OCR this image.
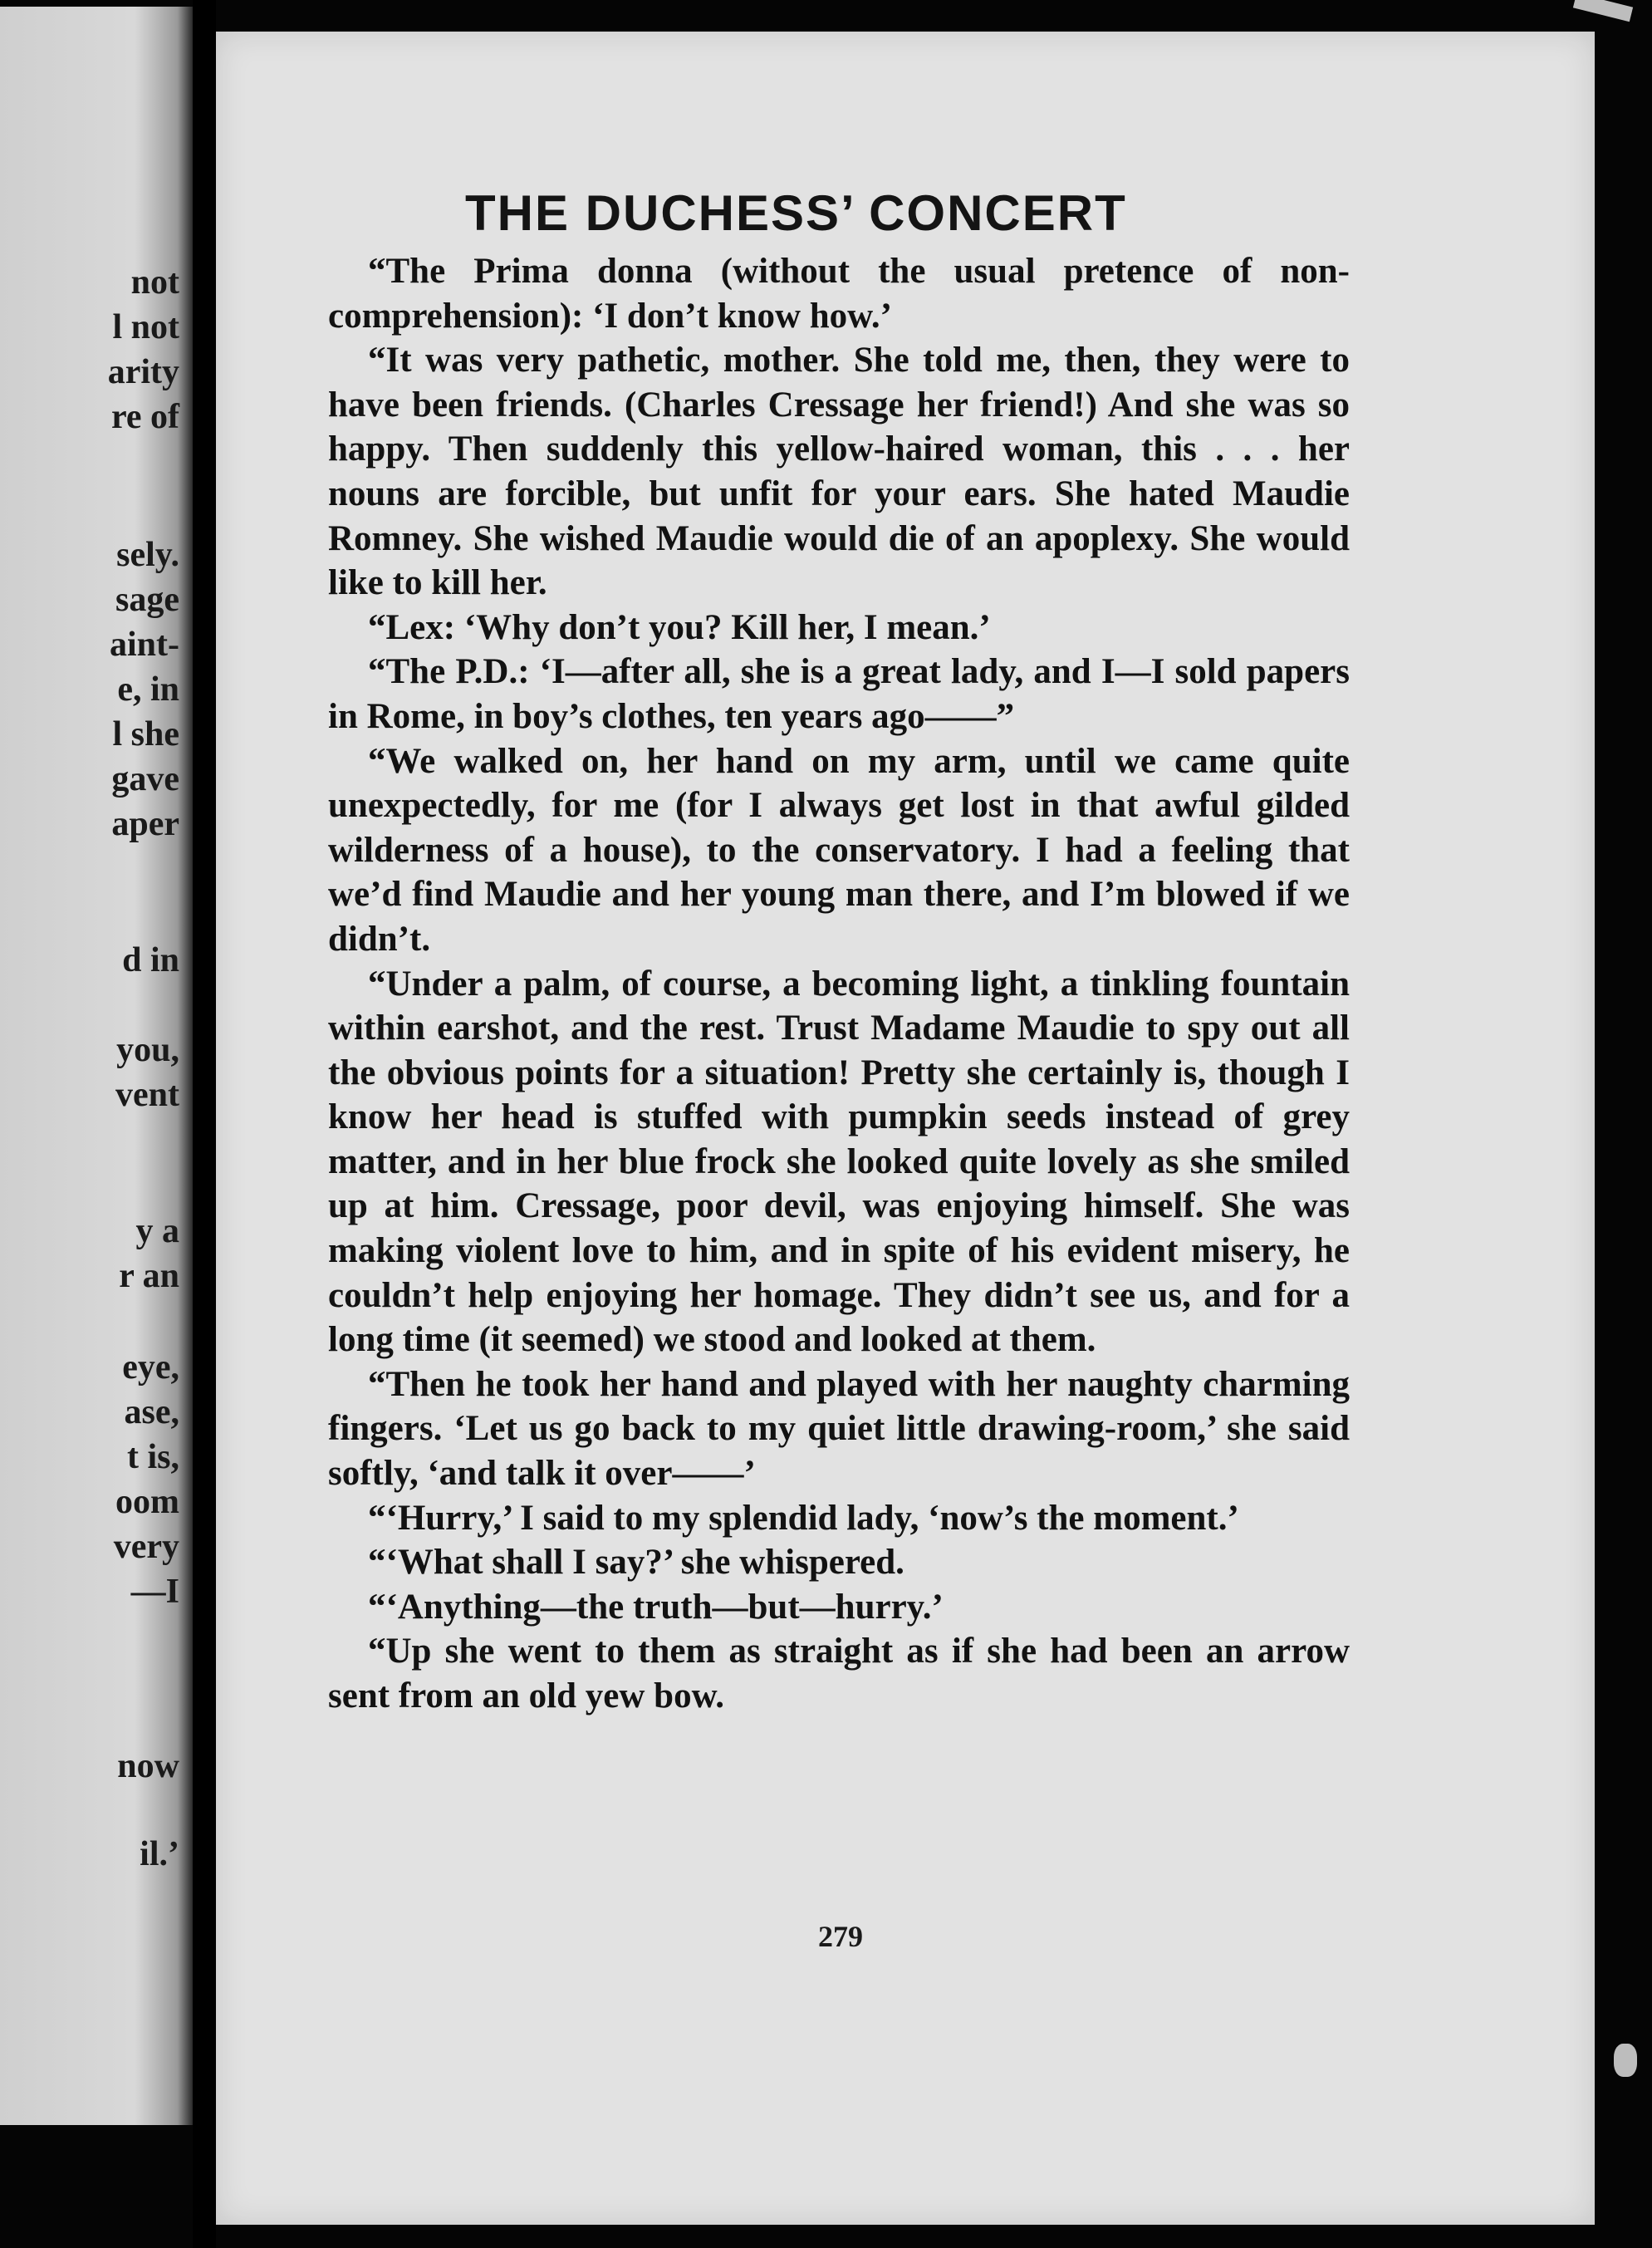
not

l not

arity

re of

sely.

sage

aint-

e, in

l she

gave

aper

d in

you,

vent

y a

r an

eye,

ase,

t is,

oom

very

—I

now

il.’

THE DUCHESS’ CONCERT

“The Prima donna (without the usual pretence of non-comprehension): ‘I don’t know how.’

“It was very pathetic, mother. She told me, then, they were to have been friends. (Charles Cressage her friend!) And she was so happy. Then suddenly this yellow-haired woman, this . . . her nouns are forcible, but unfit for your ears. She hated Maudie Romney. She wished Maudie would die of an apoplexy. She would like to kill her.

“Lex: ‘Why don’t you? Kill her, I mean.’

“The P.D.: ‘I—after all, she is a great lady, and I—I sold papers in Rome, in boy’s clothes, ten years ago——”

“We walked on, her hand on my arm, until we came quite unexpectedly, for me (for I always get lost in that awful gilded wilderness of a house), to the conservatory. I had a feeling that we’d find Maudie and her young man there, and I’m blowed if we didn’t.

“Under a palm, of course, a becoming light, a tinkling fountain within earshot, and the rest. Trust Madame Maudie to spy out all the obvious points for a situation! Pretty she certainly is, though I know her head is stuffed with pumpkin seeds instead of grey matter, and in her blue frock she looked quite lovely as she smiled up at him. Cressage, poor devil, was enjoying himself. She was making violent love to him, and in spite of his evident misery, he couldn’t help enjoying her homage. They didn’t see us, and for a long time (it seemed) we stood and looked at them.

“Then he took her hand and played with her naughty charming fingers. ‘Let us go back to my quiet little drawing-room,’ she said softly, ‘and talk it over——’

“‘Hurry,’ I said to my splendid lady, ‘now’s the moment.’

“‘What shall I say?’ she whispered.

“‘Anything—the truth—but—hurry.’

“Up she went to them as straight as if she had been an arrow sent from an old yew bow.

279
